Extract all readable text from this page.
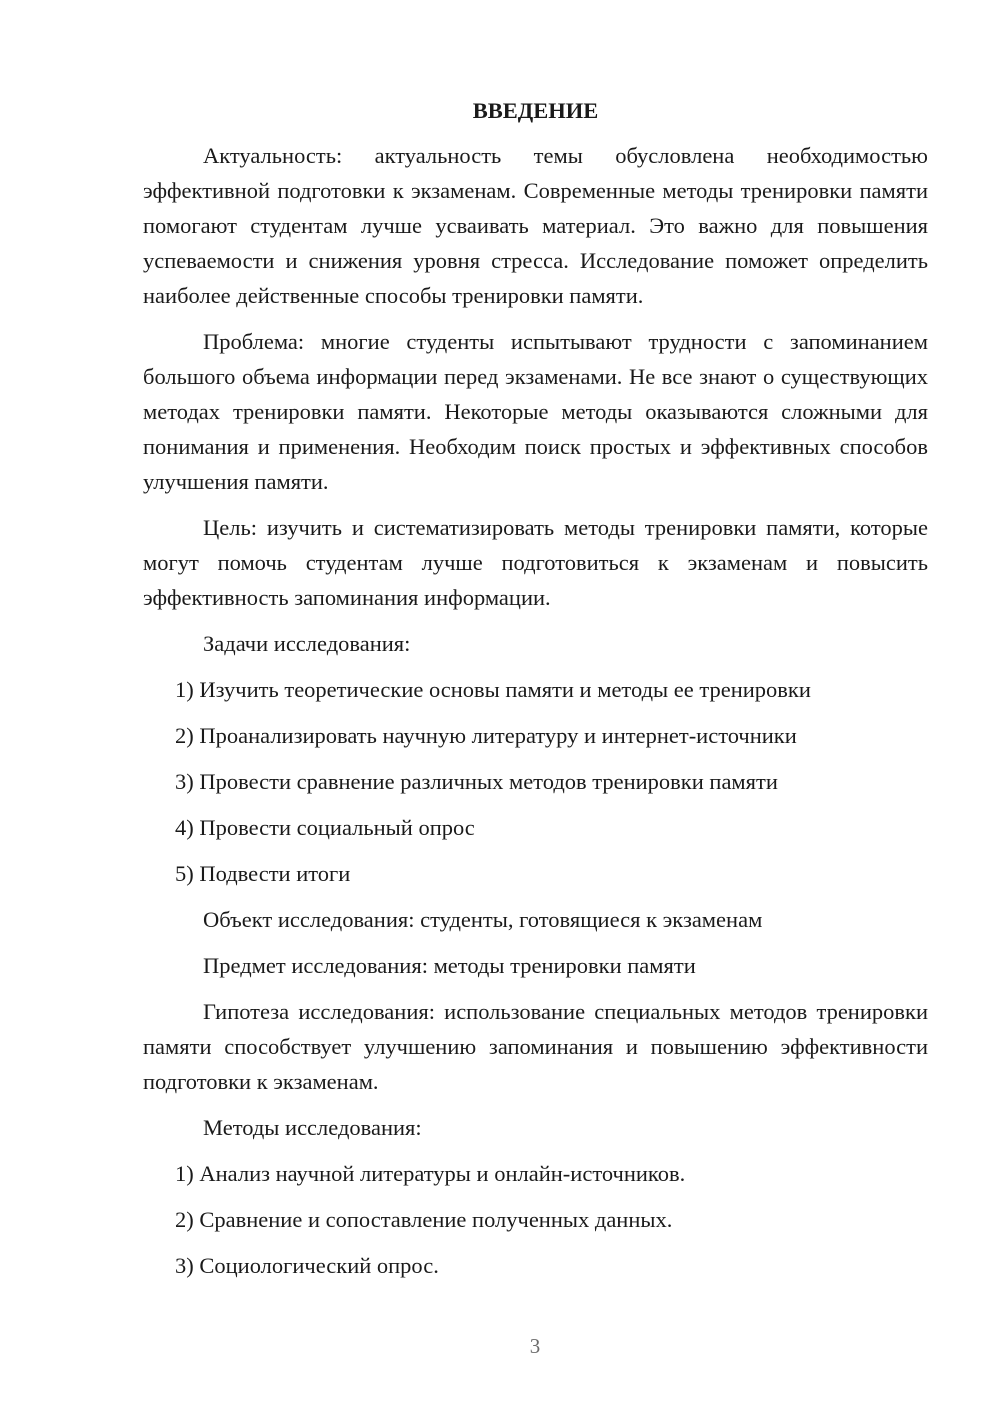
ВВЕДЕНИЕ

Актуальность: актуальность темы обусловлена необходимостью эффективной подготовки к экзаменам. Современные методы тренировки памяти помогают студентам лучше усваивать материал. Это важно для повышения успеваемости и снижения уровня стресса. Исследование поможет определить наиболее действенные способы тренировки памяти.

Проблема: многие студенты испытывают трудности с запоминанием большого объема информации перед экзаменами. Не все знают о существующих методах тренировки памяти. Некоторые методы оказываются сложными для понимания и применения. Необходим поиск простых и эффективных способов улучшения памяти.

Цель: изучить и систематизировать методы тренировки памяти, которые могут помочь студентам лучше подготовиться к экзаменам и повысить эффективность запоминания информации.

Задачи исследования:

1) Изучить теоретические основы памяти и методы ее тренировки

2) Проанализировать научную литературу и интернет-источники

3) Провести сравнение различных методов тренировки памяти

4) Провести социальный опрос

5) Подвести итоги

Объект исследования: студенты, готовящиеся к экзаменам

Предмет исследования: методы тренировки памяти

Гипотеза исследования: использование специальных методов тренировки памяти способствует улучшению запоминания и повышению эффективности подготовки к экзаменам.

Методы исследования:

1) Анализ научной литературы и онлайн-источников.

2) Сравнение и сопоставление полученных данных.

3) Социологический опрос.

3
